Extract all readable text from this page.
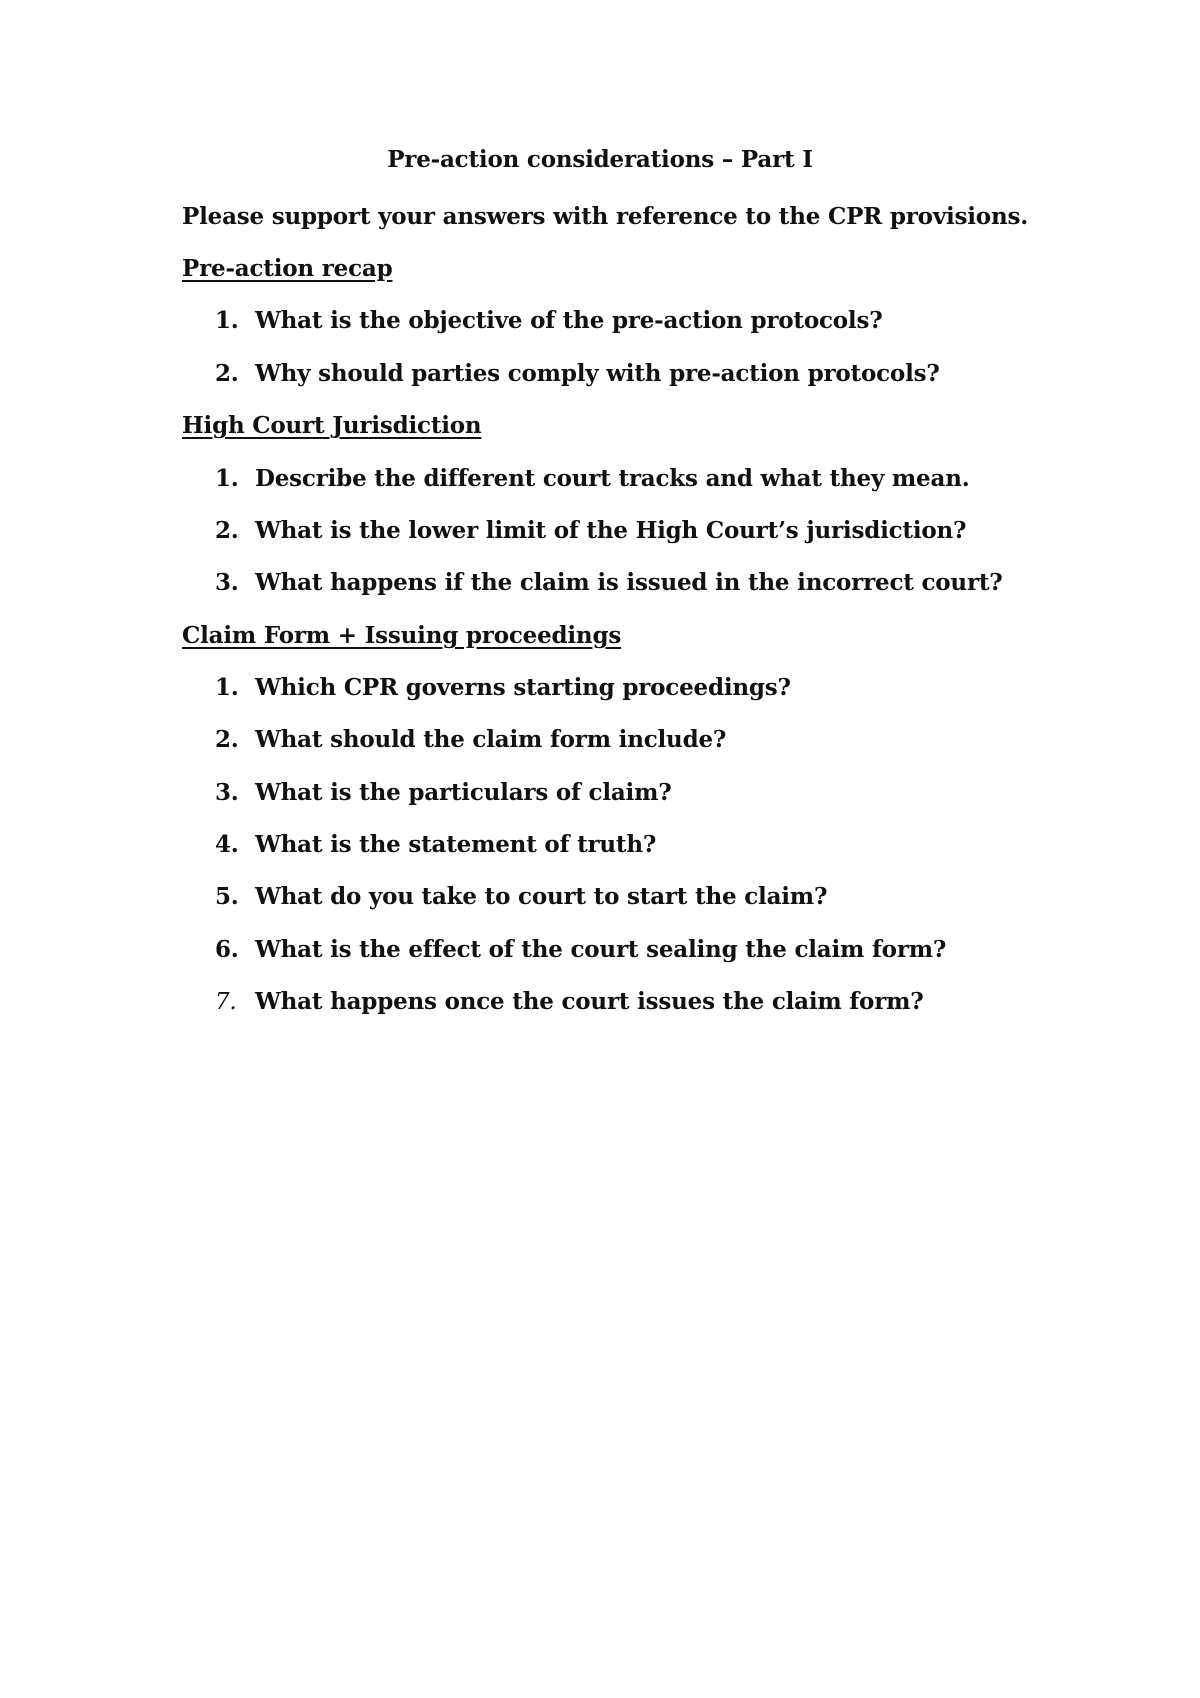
Pre-action considerations – Part I
Please support your answers with reference to the CPR provisions.
Pre-action recap
1. What is the objective of the pre-action protocols?
2. Why should parties comply with pre-action protocols?
High Court Jurisdiction
1. Describe the different court tracks and what they mean.
2. What is the lower limit of the High Court’s jurisdiction?
3. What happens if the claim is issued in the incorrect court?
Claim Form + Issuing proceedings
1. Which CPR governs starting proceedings?
2. What should the claim form include?
3. What is the particulars of claim?
4. What is the statement of truth?
5. What do you take to court to start the claim?
6. What is the effect of the court sealing the claim form?
7. What happens once the court issues the claim form?
